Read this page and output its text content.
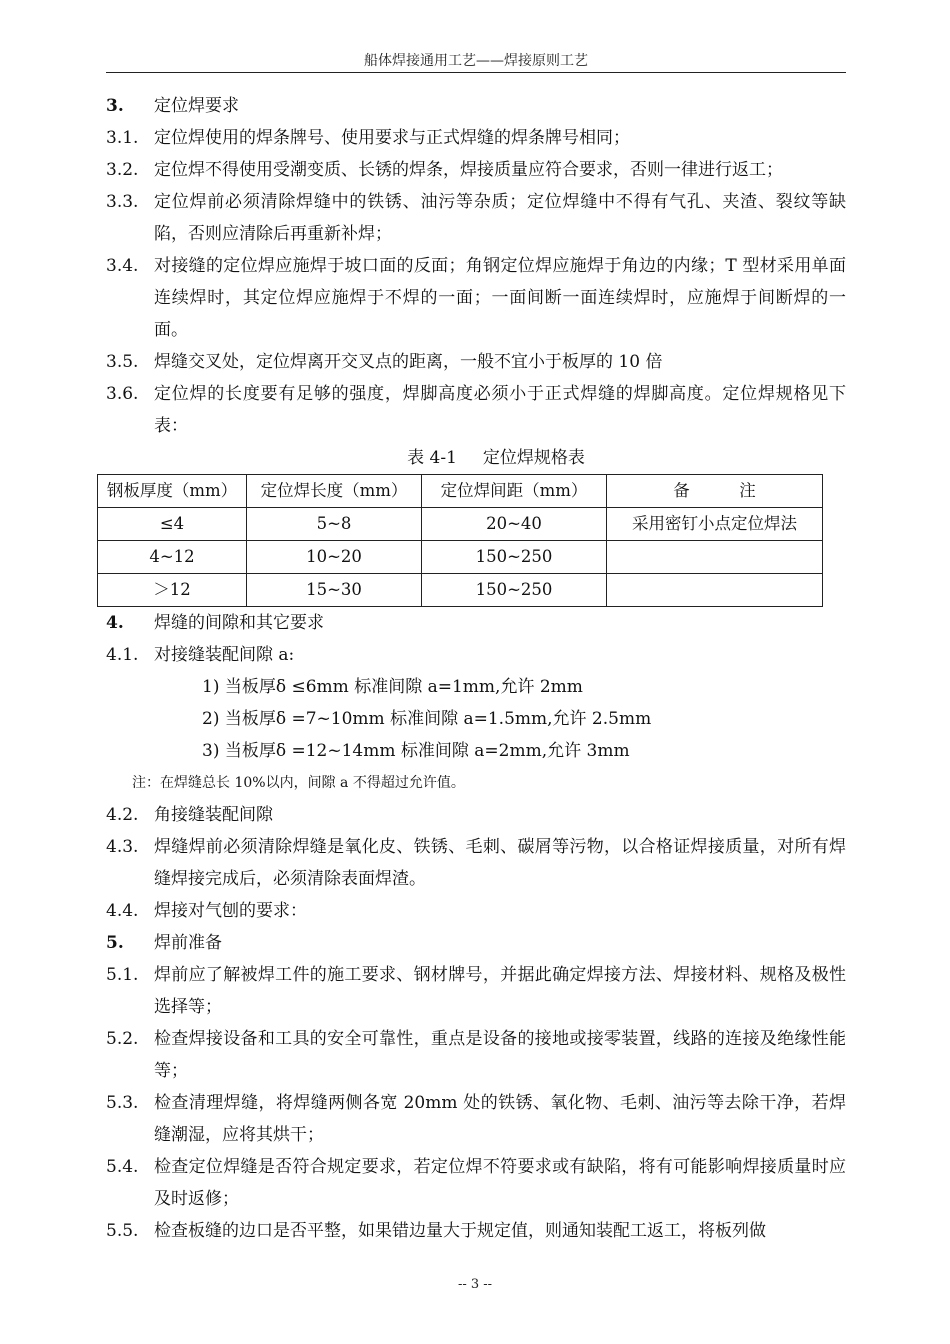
船体焊接通用工艺——焊接原则工艺
3.	定位焊要求
3.1. 定位焊使用的焊条牌号、使用要求与正式焊缝的焊条牌号相同；
3.2. 定位焊不得使用受潮变质、长锈的焊条，焊接质量应符合要求，否则一律进行返工；
3.3. 定位焊前必须清除焊缝中的铁锈、油污等杂质；定位焊缝中不得有气孔、夹渣、裂纹等缺陷，否则应清除后再重新补焊；
3.4. 对接缝的定位焊应施焊于坡口面的反面；角钢定位焊应施焊于角边的内缘；T 型材采用单面连续焊时，其定位焊应施焊于不焊的一面；一面间断一面连续焊时，应施焊于间断焊的一面。
3.5. 焊缝交叉处，定位焊离开交叉点的距离，一般不宜小于板厚的 10 倍
3.6. 定位焊的长度要有足够的强度，焊脚高度必须小于正式焊缝的焊脚高度。定位焊规格见下表：
表 4-1 定位焊规格表
钢板厚度（mm）	定位焊长度（mm）	定位焊间距（mm）	备　　　注
≤4	5~8	20~40	采用密钉小点定位焊法
4~12	10~20	150~250	
＞12	15~30	150~250	
4.	焊缝的间隙和其它要求
4.1. 对接缝装配间隙 a:
1) 当板厚δ ≤6mm 标准间隙 a=1mm,允许 2mm
2) 当板厚δ =7~10mm 标准间隙 a=1.5mm,允许 2.5mm
3) 当板厚δ =12~14mm 标准间隙 a=2mm,允许 3mm
注：在焊缝总长 10%以内，间隙 a 不得超过允许值。
4.2. 角接缝装配间隙
4.3. 焊缝焊前必须清除焊缝是氧化皮、铁锈、毛刺、碳屑等污物，以合格证焊接质量，对所有焊缝焊接完成后，必须清除表面焊渣。
4.4. 焊接对气刨的要求：
5.	焊前准备
5.1. 焊前应了解被焊工件的施工要求、钢材牌号，并据此确定焊接方法、焊接材料、规格及极性选择等；
5.2. 检查焊接设备和工具的安全可靠性，重点是设备的接地或接零装置，线路的连接及绝缘性能等；
5.3. 检查清理焊缝，将焊缝两侧各宽 20mm 处的铁锈、氧化物、毛刺、油污等去除干净，若焊缝潮湿，应将其烘干；
5.4. 检查定位焊缝是否符合规定要求，若定位焊不符要求或有缺陷，将有可能影响焊接质量时应及时返修；
5.5. 检查板缝的边口是否平整，如果错边量大于规定值，则通知装配工返工，将板列做
-- 3 --
